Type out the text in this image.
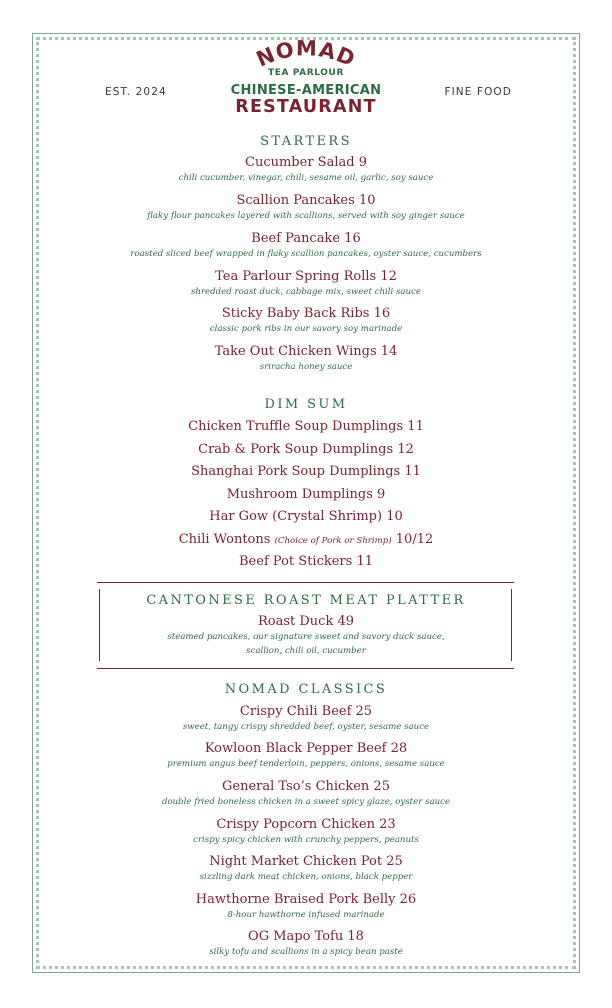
NOMAD
TEA PARLOUR
CHINESE-AMERICAN
RESTAURANT
EST. 2024	FINE FOOD
STARTERS
Cucumber Salad 9
chili cucumber, vinegar, chili, sesame oil, garlic, soy sauce
Scallion Pancakes 10
flaky flour pancakes layered with scallions, served with soy ginger sauce
Beef Pancake 16
roasted sliced beef wrapped in flaky scallion pancakes, oyster sauce, cucumbers
Tea Parlour Spring Rolls 12
shredded roast duck, cabbage mix, sweet chili sauce
Sticky Baby Back Ribs 16
classic pork ribs in our savory soy marinade
Take Out Chicken Wings 14
sriracha honey sauce
DIM SUM
Chicken Truffle Soup Dumplings 11
Crab & Pork Soup Dumplings 12
Shanghai Pork Soup Dumplings 11
Mushroom Dumplings 9
Har Gow (Crystal Shrimp) 10
Chili Wontons (Choice of Pork or Shrimp) 10/12
Beef Pot Stickers 11
CANTONESE ROAST MEAT PLATTER
Roast Duck 49
steamed pancakes, our signature sweet and savory duck sauce,
scallion, chili oil, cucumber
NOMAD CLASSICS
Crispy Chili Beef 25
sweet, tangy crispy shredded beef, oyster, sesame sauce
Kowloon Black Pepper Beef 28
premium angus beef tenderloin, peppers, onions, sesame sauce
General Tso’s Chicken 25
double fried boneless chicken in a sweet spicy glaze, oyster sauce
Crispy Popcorn Chicken 23
crispy spicy chicken with crunchy peppers, peanuts
Night Market Chicken Pot 25
sizzling dark meat chicken, onions, black pepper
Hawthorne Braised Pork Belly 26
8-hour hawthorne infused marinade
OG Mapo Tofu 18
silky tofu and scallions in a spicy bean paste
